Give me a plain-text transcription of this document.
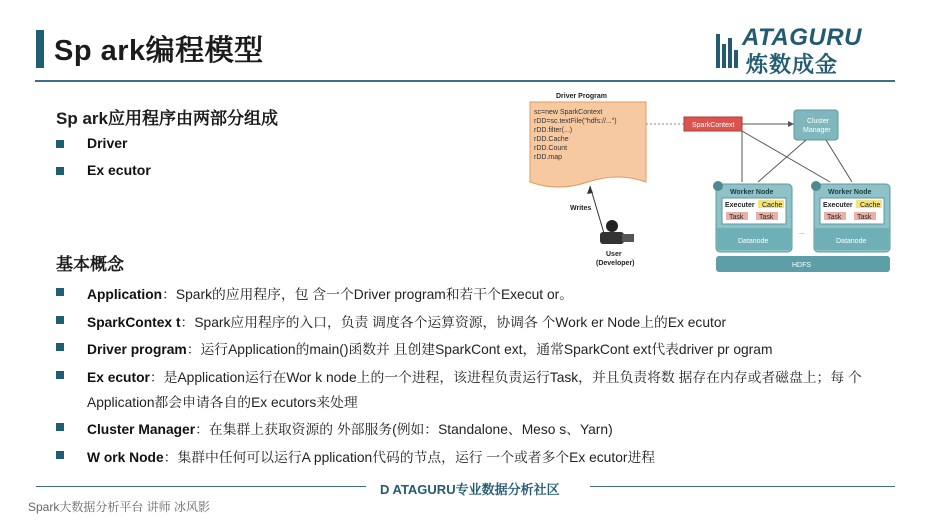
Sp ark编程模型	ATAGURU
炼数成金
Sp ark应用程序由两部分组成
Driver
Ex ecutor
Driver Program
sc=new SparkContext
rDD=sc.textFile("hdfs://...")
rDD.filter(...)
rDD.Cache
rDD.Count
rDD.map
Writes
User
(Developer)
SparkContext
Cluster
Manager
Worker Node
Executer Cache
Task Task
Datanode
...
Worker Node
Executer Cache
Task Task
Datanode
HDFS
基本概念
Application：Spark的应用程序，包 含一个Driver program和若干个Execut or。
SparkContex t：Spark应用程序的入口，负责 调度各个运算资源，协调各 个Work er Node上的Ex ecutor
Driver program：运行Application的main()函数并 且创建SparkCont ext，通常SparkCont ext代表driver pr ogram
Ex ecutor：是Application运行在Wor k node上的一个进程，该进程负责运行Task，并且负责将数 据存在内存或者磁盘上；每 个
Application都会申请各自的Ex ecutors来处理
Cluster Manager：在集群上获取资源的 外部服务(例如：Standalone、Meso s、Yarn)
W ork Node：集群中任何可以运行A pplication代码的节点，运行 一个或者多个Ex ecutor进程
D ATAGURU专业数据分析社区
Spark大数据分析平台 讲师 冰风影
